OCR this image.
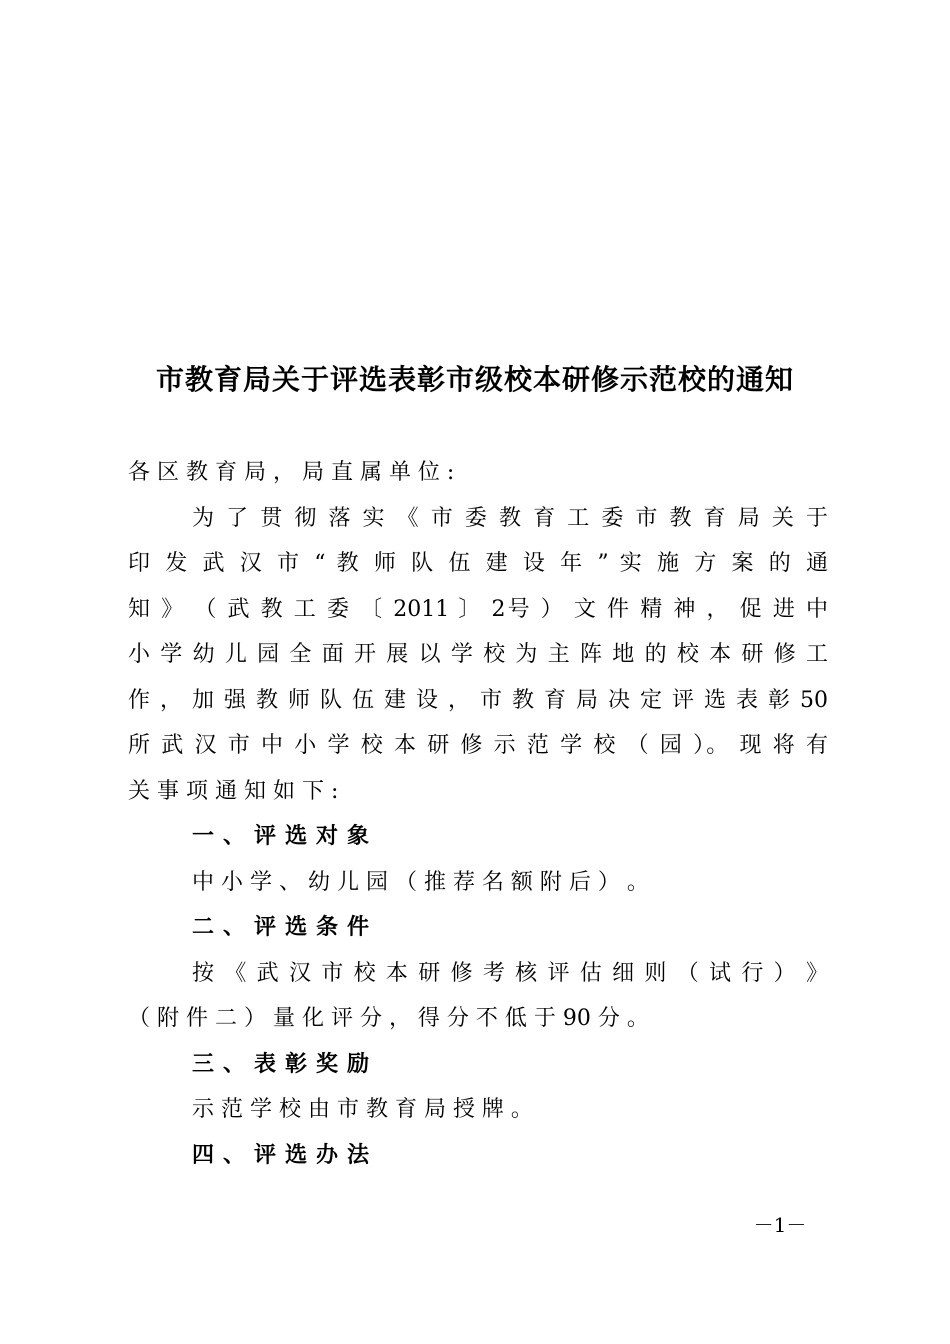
市教育局关于评选表彰市级校本研修示范校的通知
各 区 教 育 局 ， 局 直 属 单 位 :
为 了 贯 彻 落 实 《 市 委 教 育 工 委 市 教 育 局 关 于
印 发 武 汉 市 “ 教 师 队 伍 建 设 年 ” 实 施 方 案 的 通
知 》 （ 武 教 工 委 〔 2011 〕 2号 ） 文 件 精 神 ， 促 进 中
小 学 幼 儿 园 全 面 开 展 以 学 校 为 主 阵 地 的 校 本 研 修 工
作 ， 加 强 教 师 队 伍 建 设 ， 市 教 育 局 决 定 评 选 表 彰 50
所 武 汉 市 中 小 学 校 本 研 修 示 范 学 校 （ 园 ）。 现 将 有
关 事 项 通 知 如 下 :
一、评选对象
中 小 学 、 幼 儿 园 （ 推 荐 名 额 附 后 ） 。
二、评选条件
按 《 武 汉 市 校 本 研 修 考 核 评 估 细 则 （ 试 行 ） 》
（ 附 件 二 ） 量 化 评 分 ， 得 分 不 低 于 90 分 。
三、表彰奖励
示 范 学 校 由 市 教 育 局 授 牌 。
四、评选办法
－1－
